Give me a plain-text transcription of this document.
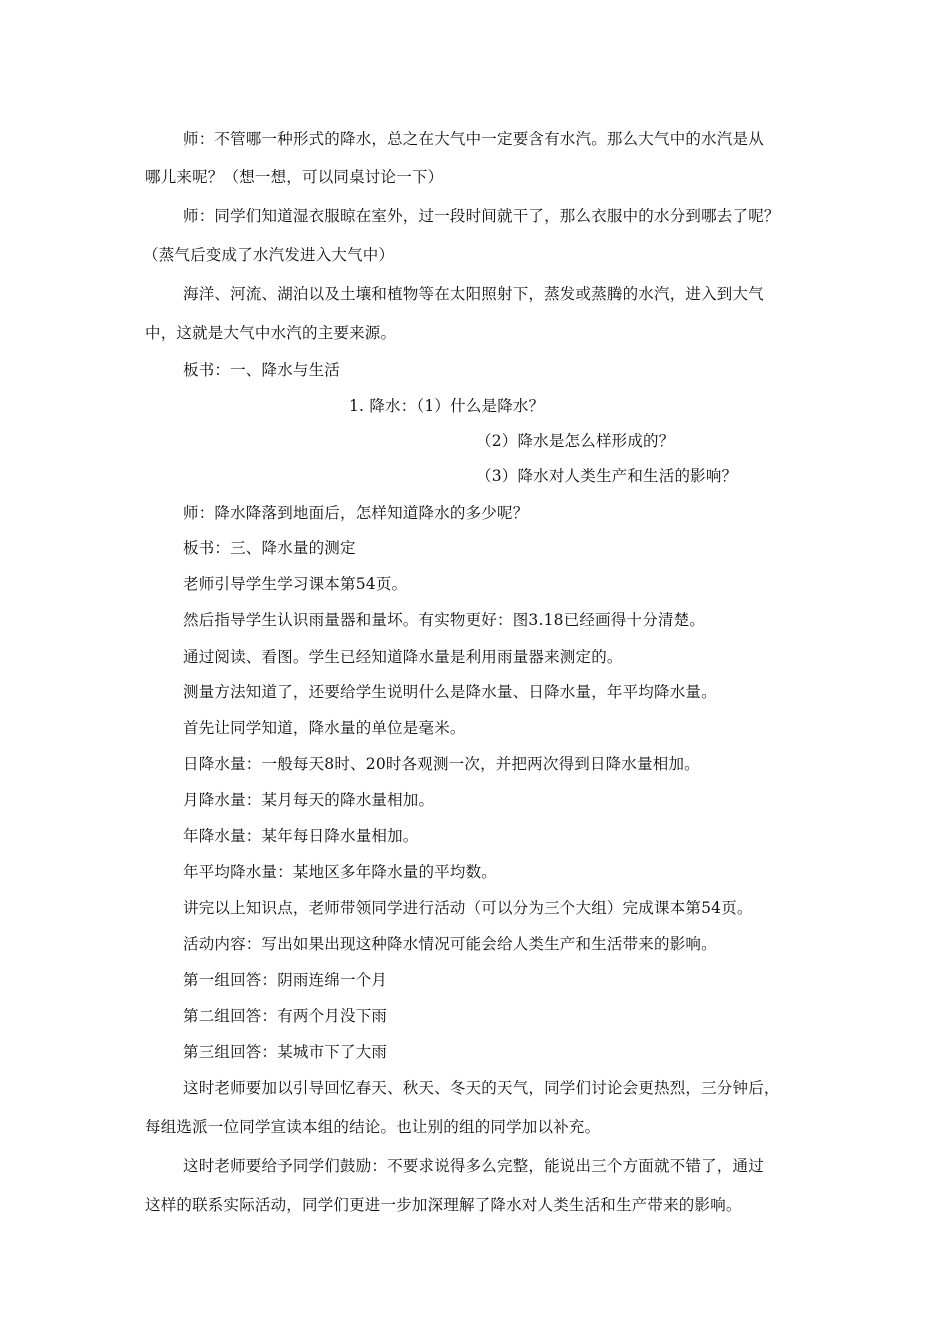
师：不管哪一种形式的降水，总之在大气中一定要含有水汽。那么大气中的水汽是从
哪儿来呢？（想一想，可以同桌讨论一下）
师：同学们知道湿衣服晾在室外，过一段时间就干了，那么衣服中的水分到哪去了呢？
（蒸气后变成了水汽发进入大气中）
海洋、河流、湖泊以及土壤和植物等在太阳照射下，蒸发或蒸腾的水汽，进入到大气
中，这就是大气中水汽的主要来源。
板书：一、降水与生活
1. 降水：（1）什么是降水？
（2）降水是怎么样形成的？
（3）降水对人类生产和生活的影响？
师：降水降落到地面后，怎样知道降水的多少呢？
板书：三、降水量的测定
老师引导学生学习课本第54页。
然后指导学生认识雨量器和量坏。有实物更好：图3.18已经画得十分清楚。
通过阅读、看图。学生已经知道降水量是利用雨量器来测定的。
测量方法知道了，还要给学生说明什么是降水量、日降水量，年平均降水量。
首先让同学知道，降水量的单位是毫米。
日降水量：一般每天8时、20时各观测一次，并把两次得到日降水量相加。
月降水量：某月每天的降水量相加。
年降水量：某年每日降水量相加。
年平均降水量：某地区多年降水量的平均数。
讲完以上知识点，老师带领同学进行活动（可以分为三个大组）完成课本第54页。
活动内容：写出如果出现这种降水情况可能会给人类生产和生活带来的影响。
第一组回答：阴雨连绵一个月
第二组回答：有两个月没下雨
第三组回答：某城市下了大雨
这时老师要加以引导回忆春天、秋天、冬天的天气，同学们讨论会更热烈，三分钟后，
每组选派一位同学宣读本组的结论。也让别的组的同学加以补充。
这时老师要给予同学们鼓励：不要求说得多么完整，能说出三个方面就不错了，通过
这样的联系实际活动，同学们更进一步加深理解了降水对人类生活和生产带来的影响。
